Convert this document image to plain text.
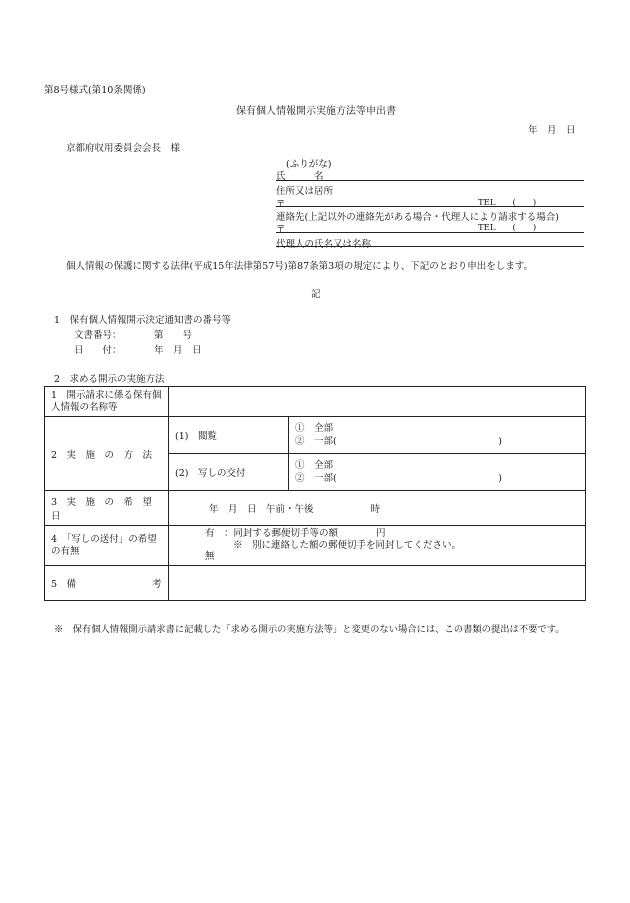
第8号様式(第10条関係)
保有個人情報開示実施方法等申出書
年　月　日
京都府収用委員会会長　様
(ふりがな)
氏　　　名
住所又は居所
〒	TEL　　(　　)
連絡先(上記以外の連絡先がある場合・代理人により請求する場合)
〒	TEL　　(　　)
代理人の氏名又は名称
個人情報の保護に関する法律(平成15年法律第57号)第87条第3項の規定により、下記のとおり申出をします。
記
1　保有個人情報開示決定通知書の番号等
文書番号：	第　　号
日　　付：	年　月　日
2　求める開示の実施方法
1　開示請求に係る保有個人情報の名称等		
2　実　施　の　方　法	(1)　閲覧	①　全部
②　一部(　　　　　　　　　　　　　　　　　)

	(2)　写しの交付	①　全部
②　一部(　　　　　　　　　　　　　　　　　)

3　実　施　の　希　望　日	年　月　日　午前・午後　　　　　　時	
4　「写しの送付」の希望の有無	有　：同封する郵便切手等の額　　　　円
※　別に連絡した額の郵便切手を同封してください。
無	

5　備　　　　　　　　考		
※　保有個人情報開示請求書に記載した「求める開示の実施方法等」と変更のない場合には、この書類の提出は不要です。
